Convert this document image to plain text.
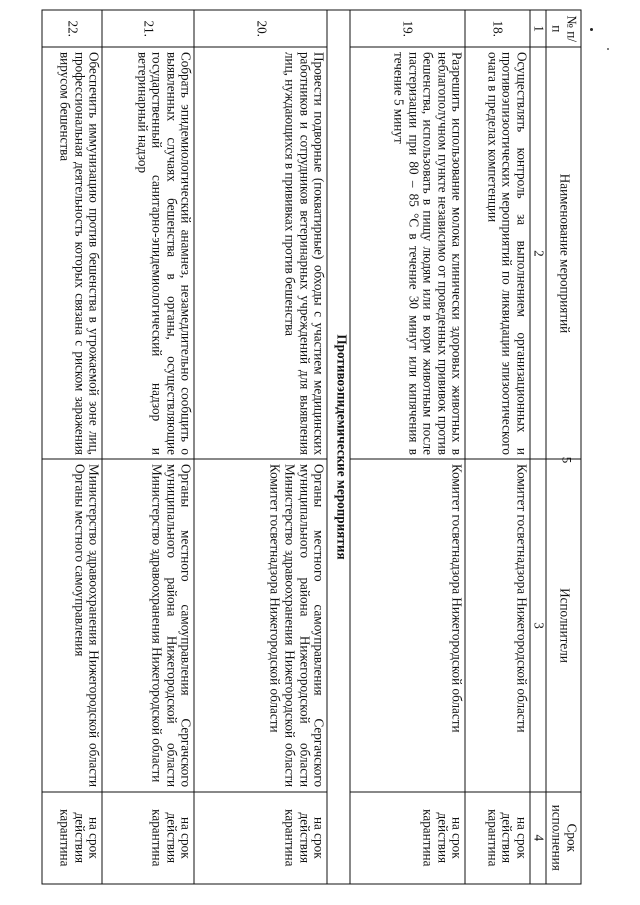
5
№ п/п	Наименование мероприятий	Исполнители	Срок исполнения
1	2	3	4
18.	Осуществлять контроль за выполнением организационных и противоэпизоотических мероприятий по ликвидации эпизоотического очага в пределах компетенции	Комитет госветнадзора Нижегородской области	на срок действия карантина
19.	Разрешить использование молока клинически здоровых животных в неблагополучном пункте независимо от проведенных прививок против бешенства, использовать в пищу людям или в корм животным после пастеризации при 80 – 85 °C в течение 30 минут или кипячения в течение 5 минут	Комитет госветнадзора Нижегородской области	на срок действия карантина
Противоэпидемические мероприятия			
20.	Провести подворные (покватирные) обходы с участием медицинских работников и сотрудников ветеринарных учреждений для выявления лиц, нуждающихся в прививках против бешенства	Органы местного самоуправления Сергачского муниципального района Нижегородской области Министерство здравоохранения Нижегородской области Комитет госветнадзора Нижегородской области	на срок действия карантина
21.	Собрать эпидемиологический анамнез, незамедлительно сообщить о выявленных случаях бешенства в органы, осуществляющие государственный санитарно-эпидемиологический надзор и ветеринарный надзор	Органы местного самоуправления Сергачского муниципального района Нижегородской области Министерство здравоохранения Нижегородской области	на срок действия карантина
22.	Обеспечить иммунизацию против бешенства в угрожаемой зоне лиц, профессиональная деятельность которых связана с риском заражения вирусом бешенства	Министерство здравоохранения Нижегородской области Органы местного самоуправления	на срок действия карантина
